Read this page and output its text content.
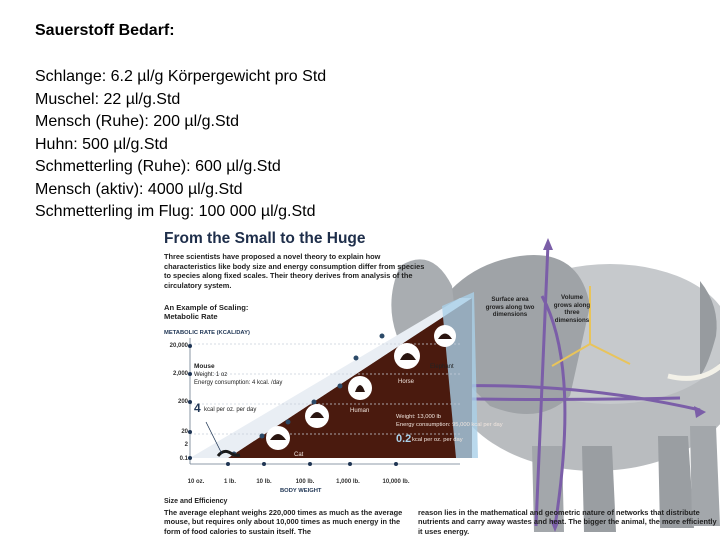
Sauerstoff Bedarf:
Schlange: 6.2 µl/g Körpergewicht pro Std
Muschel: 22 µl/g.Std
Mensch (Ruhe): 200 µl/g.Std
Huhn: 500 µl/g.Std
Schmetterling (Ruhe): 600 µl/g.Std
Mensch (aktiv): 4000 µl/g.Std
Schmetterling im Flug: 100 000 µl/g.Std
From the Small to the Huge
Three scientists have proposed a novel theory to explain how characteristics like body size and energy consumption differ from species to species along fixed scales. Their theory derives from analysis of the circulatory system.
An Example of Scaling:
Metabolic Rate
METABOLIC RATE (KCAL/DAY)
20,000
2,000
200
20
2
0.1
10 oz.	1 lb.	10 lb.	100 lb.	1,000 lb.	10,000 lb.
BODY WEIGHT
Mouse
Weight: 1 oz
Energy consumption: 4 kcal. /day
4 kcal per oz. per day
Cat
Human
Horse
Elephant
Weight: 13,000 lb
Energy consumption: 95,000 kcal per day
0.2 kcal per oz. per day
Surface area grows along two dimensions
Volume grows along three dimensions
Size and Efficiency
The average elephant weighs 220,000 times as much as the average mouse, but requires only about 10,000 times as much energy in the form of food calories to sustain itself. The
reason lies in the mathematical and geometric nature of networks that distribute nutrients and carry away wastes and heat. The bigger the animal, the more efficiently it uses energy.
